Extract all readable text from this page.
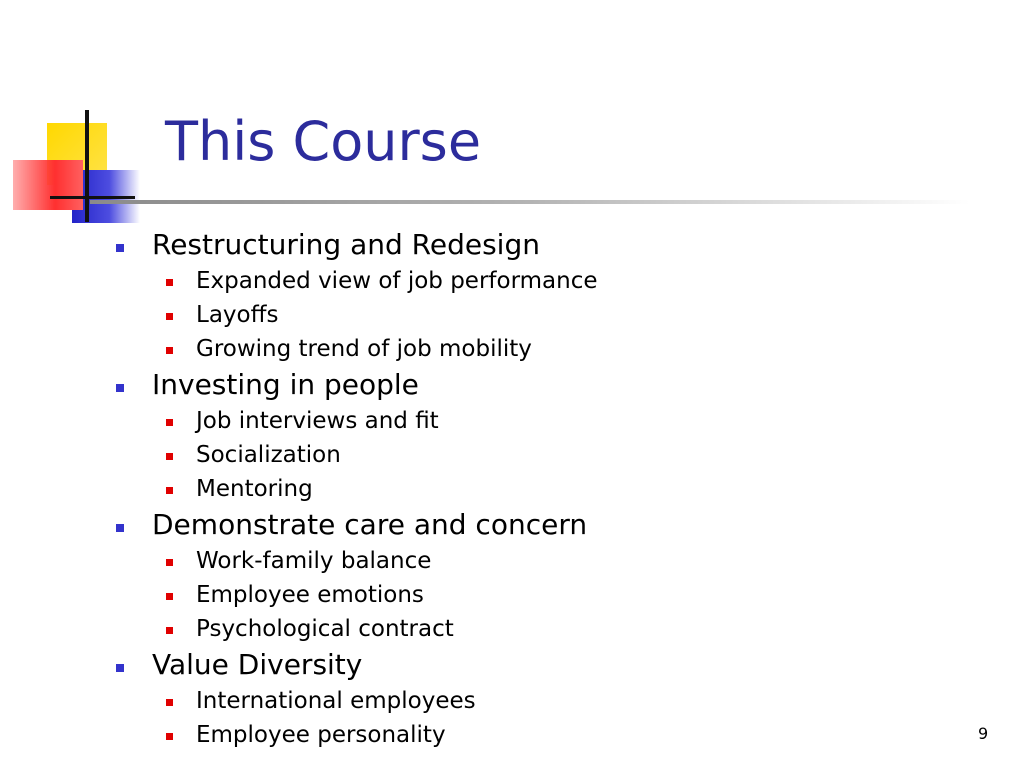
This Course
Restructuring and Redesign
Expanded view of job performance
Layoffs
Growing trend of job mobility
Investing in people
Job interviews and fit
Socialization
Mentoring
Demonstrate care and concern
Work-family balance
Employee emotions
Psychological contract
Value Diversity
International employees
Employee personality	9
